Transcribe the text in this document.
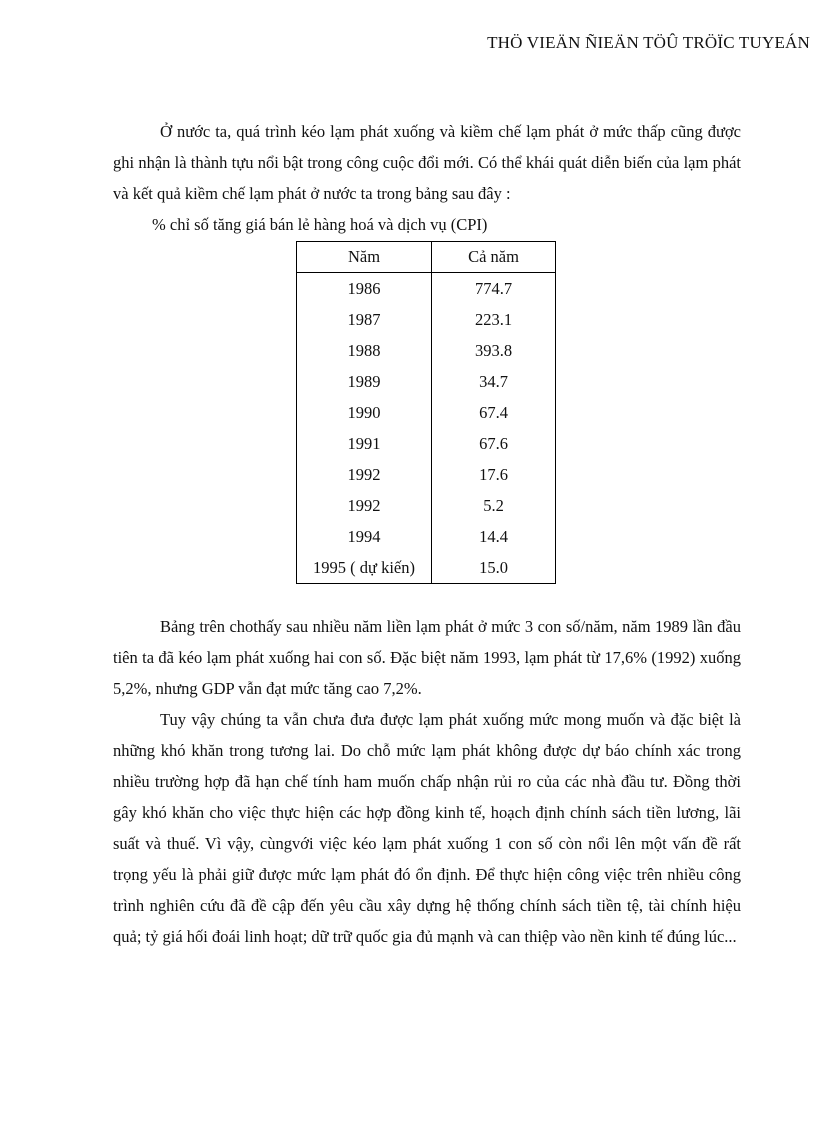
THÖ VIEÄN ÑIEÄN TÖÛ TRÖÏC TUYEÁN

Ở nước ta, quá trình kéo lạm phát xuống và kiềm chế lạm phát ở mức thấp cũng được ghi nhận là thành tựu nổi bật trong công cuộc đổi mới. Có thể khái quát diễn biến của lạm phát và kết quả kiềm chế lạm phát ở nước ta trong bảng sau đây :

% chỉ số tăng giá bán lẻ hàng hoá và dịch vụ (CPI)

Năm	Cả năm
1986	774.7
1987	223.1
1988	393.8
1989	34.7
1990	67.4
1991	67.6
1992	17.6
1992	5.2
1994	14.4
1995 ( dự kiến)	15.0

Bảng trên chothấy sau nhiều năm liền lạm phát ở mức 3 con số/năm, năm 1989 lần đầu tiên ta đã kéo lạm phát xuống hai con số. Đặc biệt năm 1993, lạm phát từ 17,6% (1992) xuống 5,2%, nhưng GDP vẫn đạt mức tăng cao 7,2%.

Tuy vậy chúng ta vẫn chưa đưa được lạm phát xuống mức mong muốn và đặc biệt là những khó khăn trong tương lai. Do chỗ mức lạm phát không được dự báo chính xác trong nhiều trường hợp đã hạn chế tính ham muốn chấp nhận rủi ro của các nhà đầu tư. Đồng thời gây khó khăn cho việc thực hiện các hợp đồng kinh tế, hoạch định chính sách tiền lương, lãi suất và thuế. Vì vậy, cùngvới việc kéo lạm phát xuống 1 con số còn nổi lên một vấn đề rất trọng yếu là phải giữ được mức lạm phát đó ổn định. Để thực hiện công việc trên nhiều công trình nghiên cứu đã đề cập đến yêu cầu xây dựng hệ thống chính sách tiền tệ, tài chính hiệu quả; tỷ giá hối đoái linh hoạt; dữ trữ quốc gia đủ mạnh và can thiệp vào nền kinh tế đúng lúc...
